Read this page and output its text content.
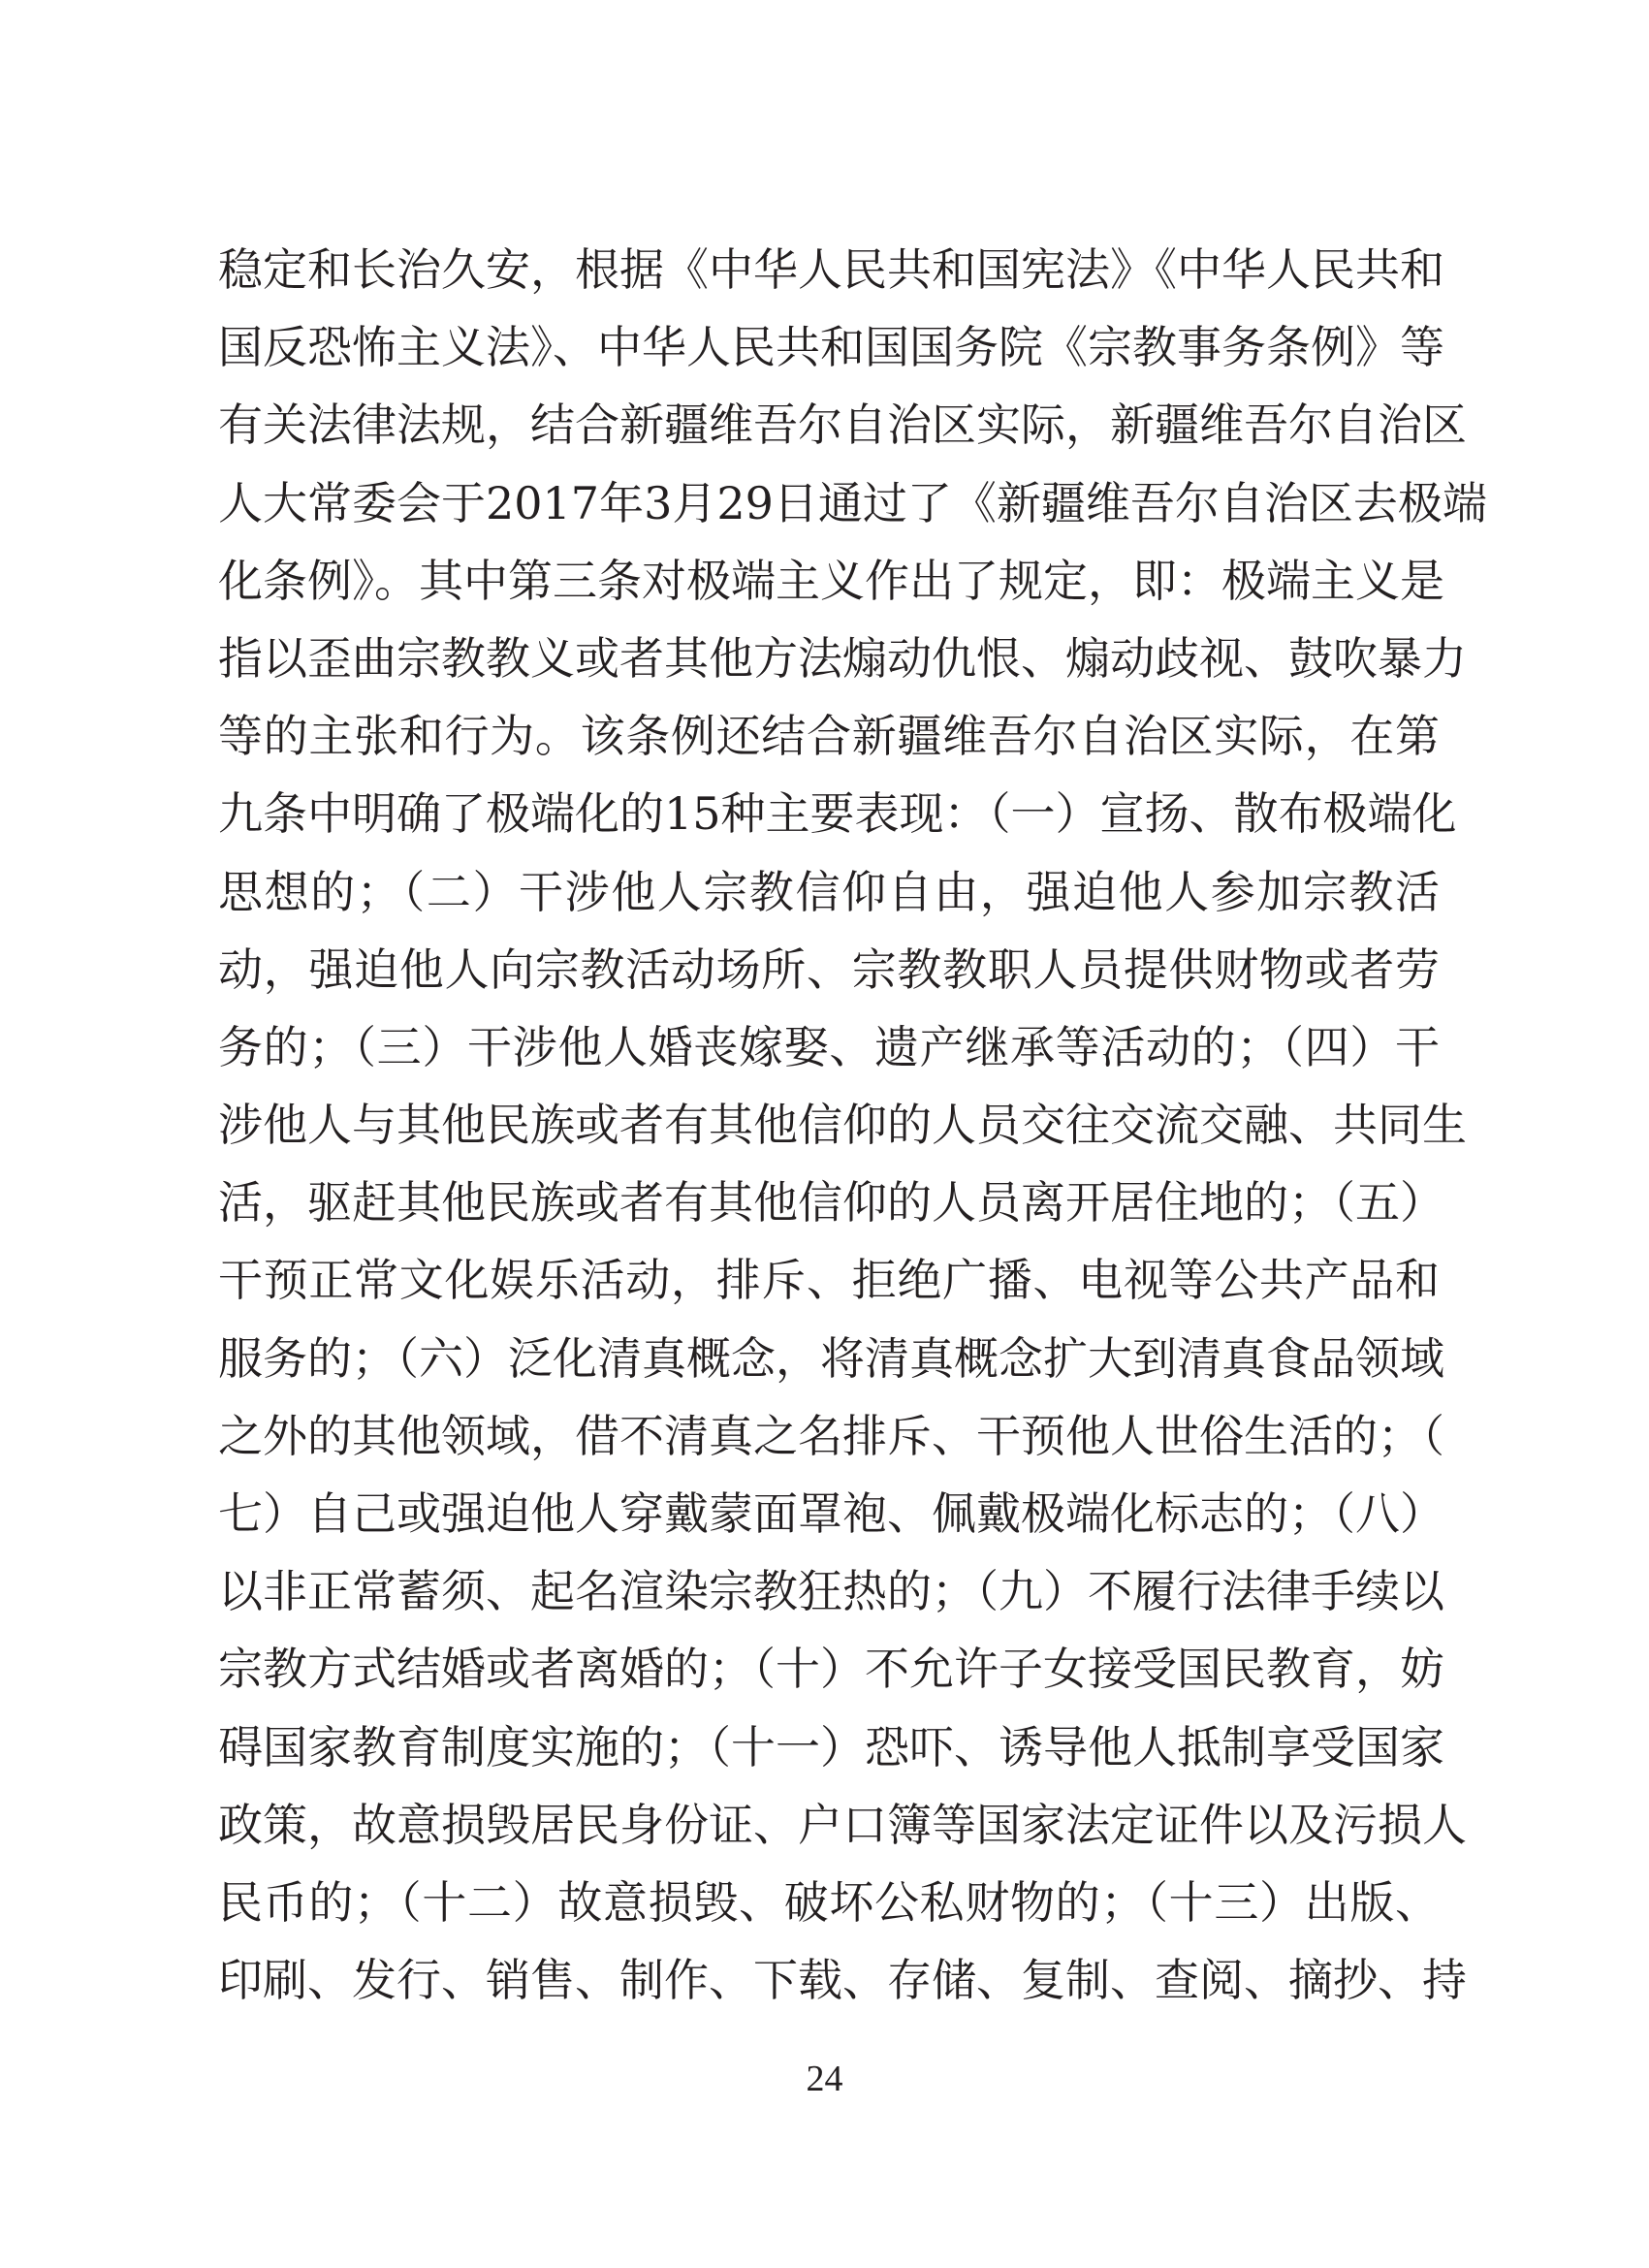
稳定和长治久安，根据《中华人民共和国宪法》《中华人民共和
国反恐怖主义法》、中华人民共和国国务院《宗教事务条例》等
有关法律法规，结合新疆维吾尔自治区实际，新疆维吾尔自治区
人大常委会于2017年3月29日通过了《新疆维吾尔自治区去极端
化条例》。其中第三条对极端主义作出了规定，即：极端主义是
指以歪曲宗教教义或者其他方法煽动仇恨、煽动歧视、鼓吹暴力
等的主张和行为。该条例还结合新疆维吾尔自治区实际，在第
九条中明确了极端化的15种主要表现：（一）宣扬、散布极端化
思想的；（二）干涉他人宗教信仰自由，强迫他人参加宗教活
动，强迫他人向宗教活动场所、宗教教职人员提供财物或者劳
务的；（三）干涉他人婚丧嫁娶、遗产继承等活动的；（四）干
涉他人与其他民族或者有其他信仰的人员交往交流交融、共同生
活，驱赶其他民族或者有其他信仰的人员离开居住地的；（五）
干预正常文化娱乐活动，排斥、拒绝广播、电视等公共产品和
服务的；（六）泛化清真概念，将清真概念扩大到清真食品领域
之外的其他领域，借不清真之名排斥、干预他人世俗生活的；（
七）自己或强迫他人穿戴蒙面罩袍、佩戴极端化标志的；（八）
以非正常蓄须、起名渲染宗教狂热的；（九）不履行法律手续以
宗教方式结婚或者离婚的；（十）不允许子女接受国民教育，妨
碍国家教育制度实施的；（十一）恐吓、诱导他人抵制享受国家
政策，故意损毁居民身份证、户口簿等国家法定证件以及污损人
民币的；（十二）故意损毁、破坏公私财物的；（十三）出版、
印刷、发行、销售、制作、下载、存储、复制、查阅、摘抄、持
24
